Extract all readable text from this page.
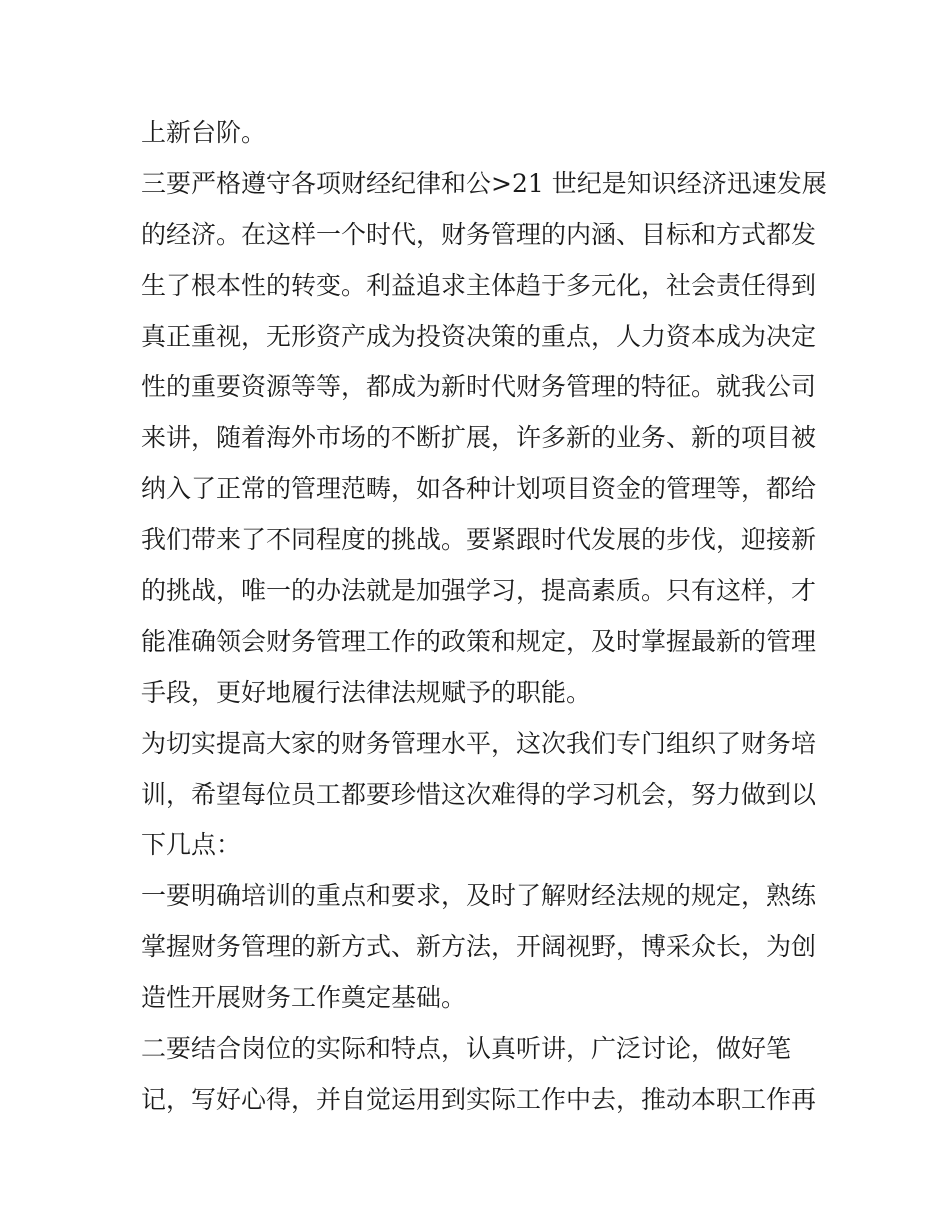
上新台阶。

三要严格遵守各项财经纪律和公>21 世纪是知识经济迅速发展
的经济。在这样一个时代，财务管理的内涵、目标和方式都发
生了根本性的转变。利益追求主体趋于多元化，社会责任得到
真正重视，无形资产成为投资决策的重点，人力资本成为决定
性的重要资源等等，都成为新时代财务管理的特征。就我公司
来讲，随着海外市场的不断扩展，许多新的业务、新的项目被
纳入了正常的管理范畴，如各种计划项目资金的管理等，都给
我们带来了不同程度的挑战。要紧跟时代发展的步伐，迎接新
的挑战，唯一的办法就是加强学习，提高素质。只有这样，才
能准确领会财务管理工作的政策和规定，及时掌握最新的管理
手段，更好地履行法律法规赋予的职能。

为切实提高大家的财务管理水平，这次我们专门组织了财务培
训，希望每位员工都要珍惜这次难得的学习机会，努力做到以
下几点：

一要明确培训的重点和要求，及时了解财经法规的规定，熟练
掌握财务管理的新方式、新方法，开阔视野，博采众长，为创
造性开展财务工作奠定基础。

二要结合岗位的实际和特点，认真听讲，广泛讨论，做好笔
记，写好心得，并自觉运用到实际工作中去，推动本职工作再
